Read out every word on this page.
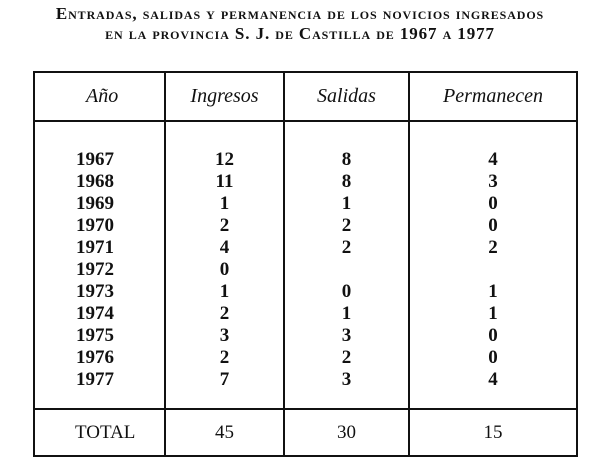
Entradas, salidas y permanencia de los novicios ingresados
en la provincia S. J. de Castilla de 1967 a 1977
Año	Ingresos	Salidas	Permanecen
1967	12	8	4
1968	11	8	3
1969	1	1	0
1970	2	2	0
1971	4	2	2
1972	0		
1973	1	0	1
1974	2	1	1
1975	3	3	0
1976	2	2	0
1977	7	3	4
TOTAL	45	30	15
